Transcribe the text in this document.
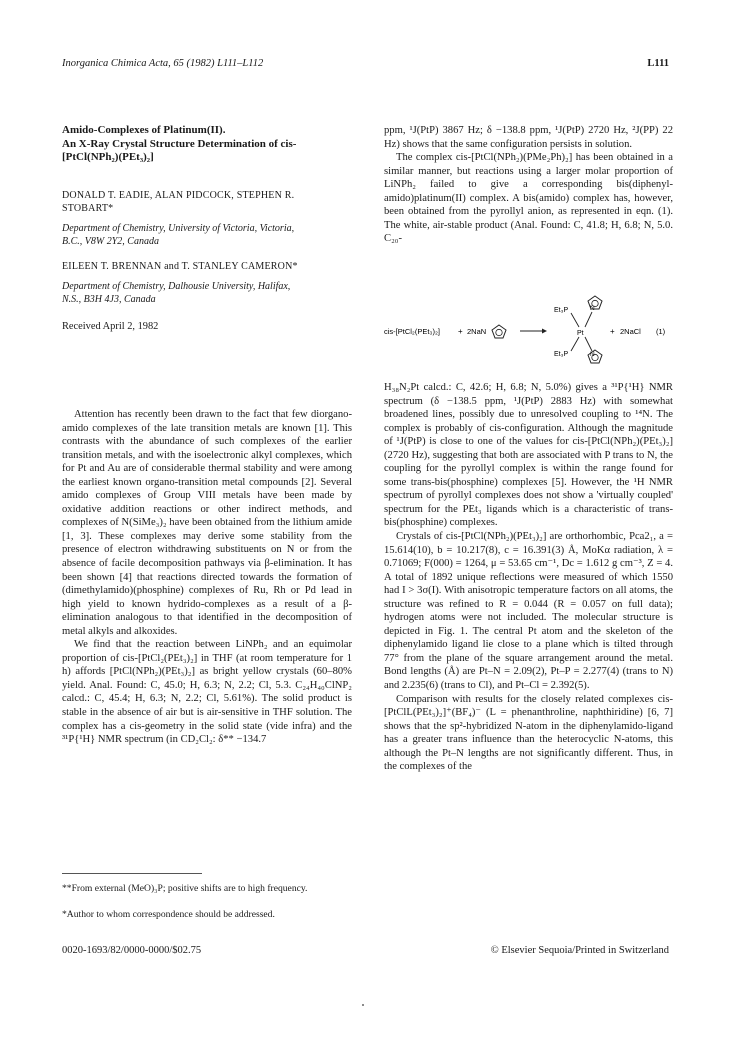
Inorganica Chimica Acta, 65 (1982) L111–L112	L111

Amido-Complexes of Platinum(II).

An X-Ray Crystal Structure Determination of cis-

[PtCl(NPh₂)(PEt₃)₂]

DONALD T. EADIE, ALAN PIDCOCK, STEPHEN R.
STOBART*
Department of Chemistry, University of Victoria, Victoria,
B.C., V8W 2Y2, Canada
EILEEN T. BRENNAN and T. STANLEY CAMERON*
Department of Chemistry, Dalhousie University, Halifax,
N.S., B3H 4J3, Canada
Received April 2, 1982

Attention has recently been drawn to the fact that few diorgano-amido complexes of the late transition metals are known [1]. This contrasts with the abundance of such complexes of the earlier transition metals, and with the isoelectronic alkyl complexes, which for Pt and Au are of considerable thermal stability and were among the earliest known organo-transition metal compounds [2]. Several amido complexes of Group VIII metals have been made by oxidative addition reactions or other indirect methods, and complexes of N(SiMe₃)₂ have been obtained from the lithium amide [1, 3]. These complexes may derive some stability from the presence of electron withdrawing substituents on N or from the absence of facile decomposition pathways via β-elimination. It has been shown [4] that reactions directed towards the formation of (dimethylamido)(phosphine) complexes of Ru, Rh or Pd lead in high yield to known hydrido-complexes as a result of a β-elimination analogous to that identified in the decomposition of metal alkyls and alkoxides.

We find that the reaction between LiNPh₂ and an equimolar proportion of cis-[PtCl₂(PEt₃)₂] in THF (at room temperature for 1 h) affords [PtCl(NPh₂)(PEt₃)₂] as bright yellow crystals (60–80% yield. Anal. Found: C, 45.0; H, 6.3; N, 2.2; Cl, 5.3. C₂₄H₄₀ClNP₂ calcd.: C, 45.4; H, 6.3; N, 2.2; Cl, 5.61%). The solid product is stable in the absence of air but is air-sensitive in THF solution. The complex has a cis-geometry in the solid state (vide infra) and the ³¹P{¹H} NMR spectrum (in CD₂Cl₂: δ** −134.7

**From external (MeO)₃P; positive shifts are to high frequency.
*Author to whom correspondence should be addressed.

ppm, ¹J(PtP) 3867 Hz; δ −138.8 ppm, ¹J(PtP) 2720 Hz, ²J(PP) 22 Hz) shows that the same configuration persists in solution.

The complex cis-[PtCl(NPh₂)(PMe₂Ph)₂] has been obtained in a similar manner, but reactions using a larger molar proportion of LiNPh₂ failed to give a corresponding bis(diphenyl-amido)platinum(II) complex. A bis(amido) complex has, however, been obtained from the pyrollyl anion, as represented in eqn. (1). The white, air-stable product (Anal. Found: C, 41.8; H, 6.8; N, 5.0. C₂₀-

cis-[PtCl₂(PEt₃)₂] + 2NaN
Et₃P
Et₃P
Pt
N
N
+ 2NaCl (1)

H₃₈N₂Pt calcd.: C, 42.6; H, 6.8; N, 5.0%) gives a ³¹P{¹H} NMR spectrum (δ −138.5 ppm, ¹J(PtP) 2883 Hz) with somewhat broadened lines, possibly due to unresolved coupling to ¹⁴N. The complex is probably of cis-configuration. Although the magnitude of ¹J(PtP) is close to one of the values for cis-[PtCl(NPh₂)(PEt₃)₂] (2720 Hz), suggesting that both are associated with P trans to N, the coupling for the pyrollyl complex is within the range found for some trans-bis(phosphine) complexes [5]. However, the ¹H NMR spectrum of pyrollyl complexes does not show a 'virtually coupled' spectrum for the PEt₃ ligands which is a characteristic of trans-bis(phosphine) complexes.

Crystals of cis-[PtCl(NPh₂)(PEt₃)₂] are orthorhombic, Pca2₁, a = 15.614(10), b = 10.217(8), c = 16.391(3) Å, MoKα radiation, λ = 0.71069; F(000) = 1264, μ = 53.65 cm⁻¹, Dc = 1.612 g cm⁻³, Z = 4. A total of 1892 unique reflections were measured of which 1550 had I > 3σ(I). With anisotropic temperature factors on all atoms, the structure was refined to R = 0.044 (R = 0.057 on full data); hydrogen atoms were not included. The molecular structure is depicted in Fig. 1. The central Pt atom and the skeleton of the diphenylamido ligand lie close to a plane which is tilted through 77° from the plane of the square arrangement around the metal. Bond lengths (Å) are Pt–N = 2.09(2), Pt–P = 2.277(4) (trans to N) and 2.235(6) (trans to Cl), and Pt–Cl = 2.392(5).

Comparison with results for the closely related complexes cis-[PtClL(PEt₃)₂]⁺(BF₄)⁻ (L = phenanthroline, naphthiridine) [6, 7] shows that the sp²-hybridized N-atom in the diphenylamido-ligand has a greater trans influence than the heterocyclic N-atoms, this although the Pt–N lengths are not significantly different. Thus, in the complexes of the

0020-1693/82/0000-0000/$02.75	© Elsevier Sequoia/Printed in Switzerland
